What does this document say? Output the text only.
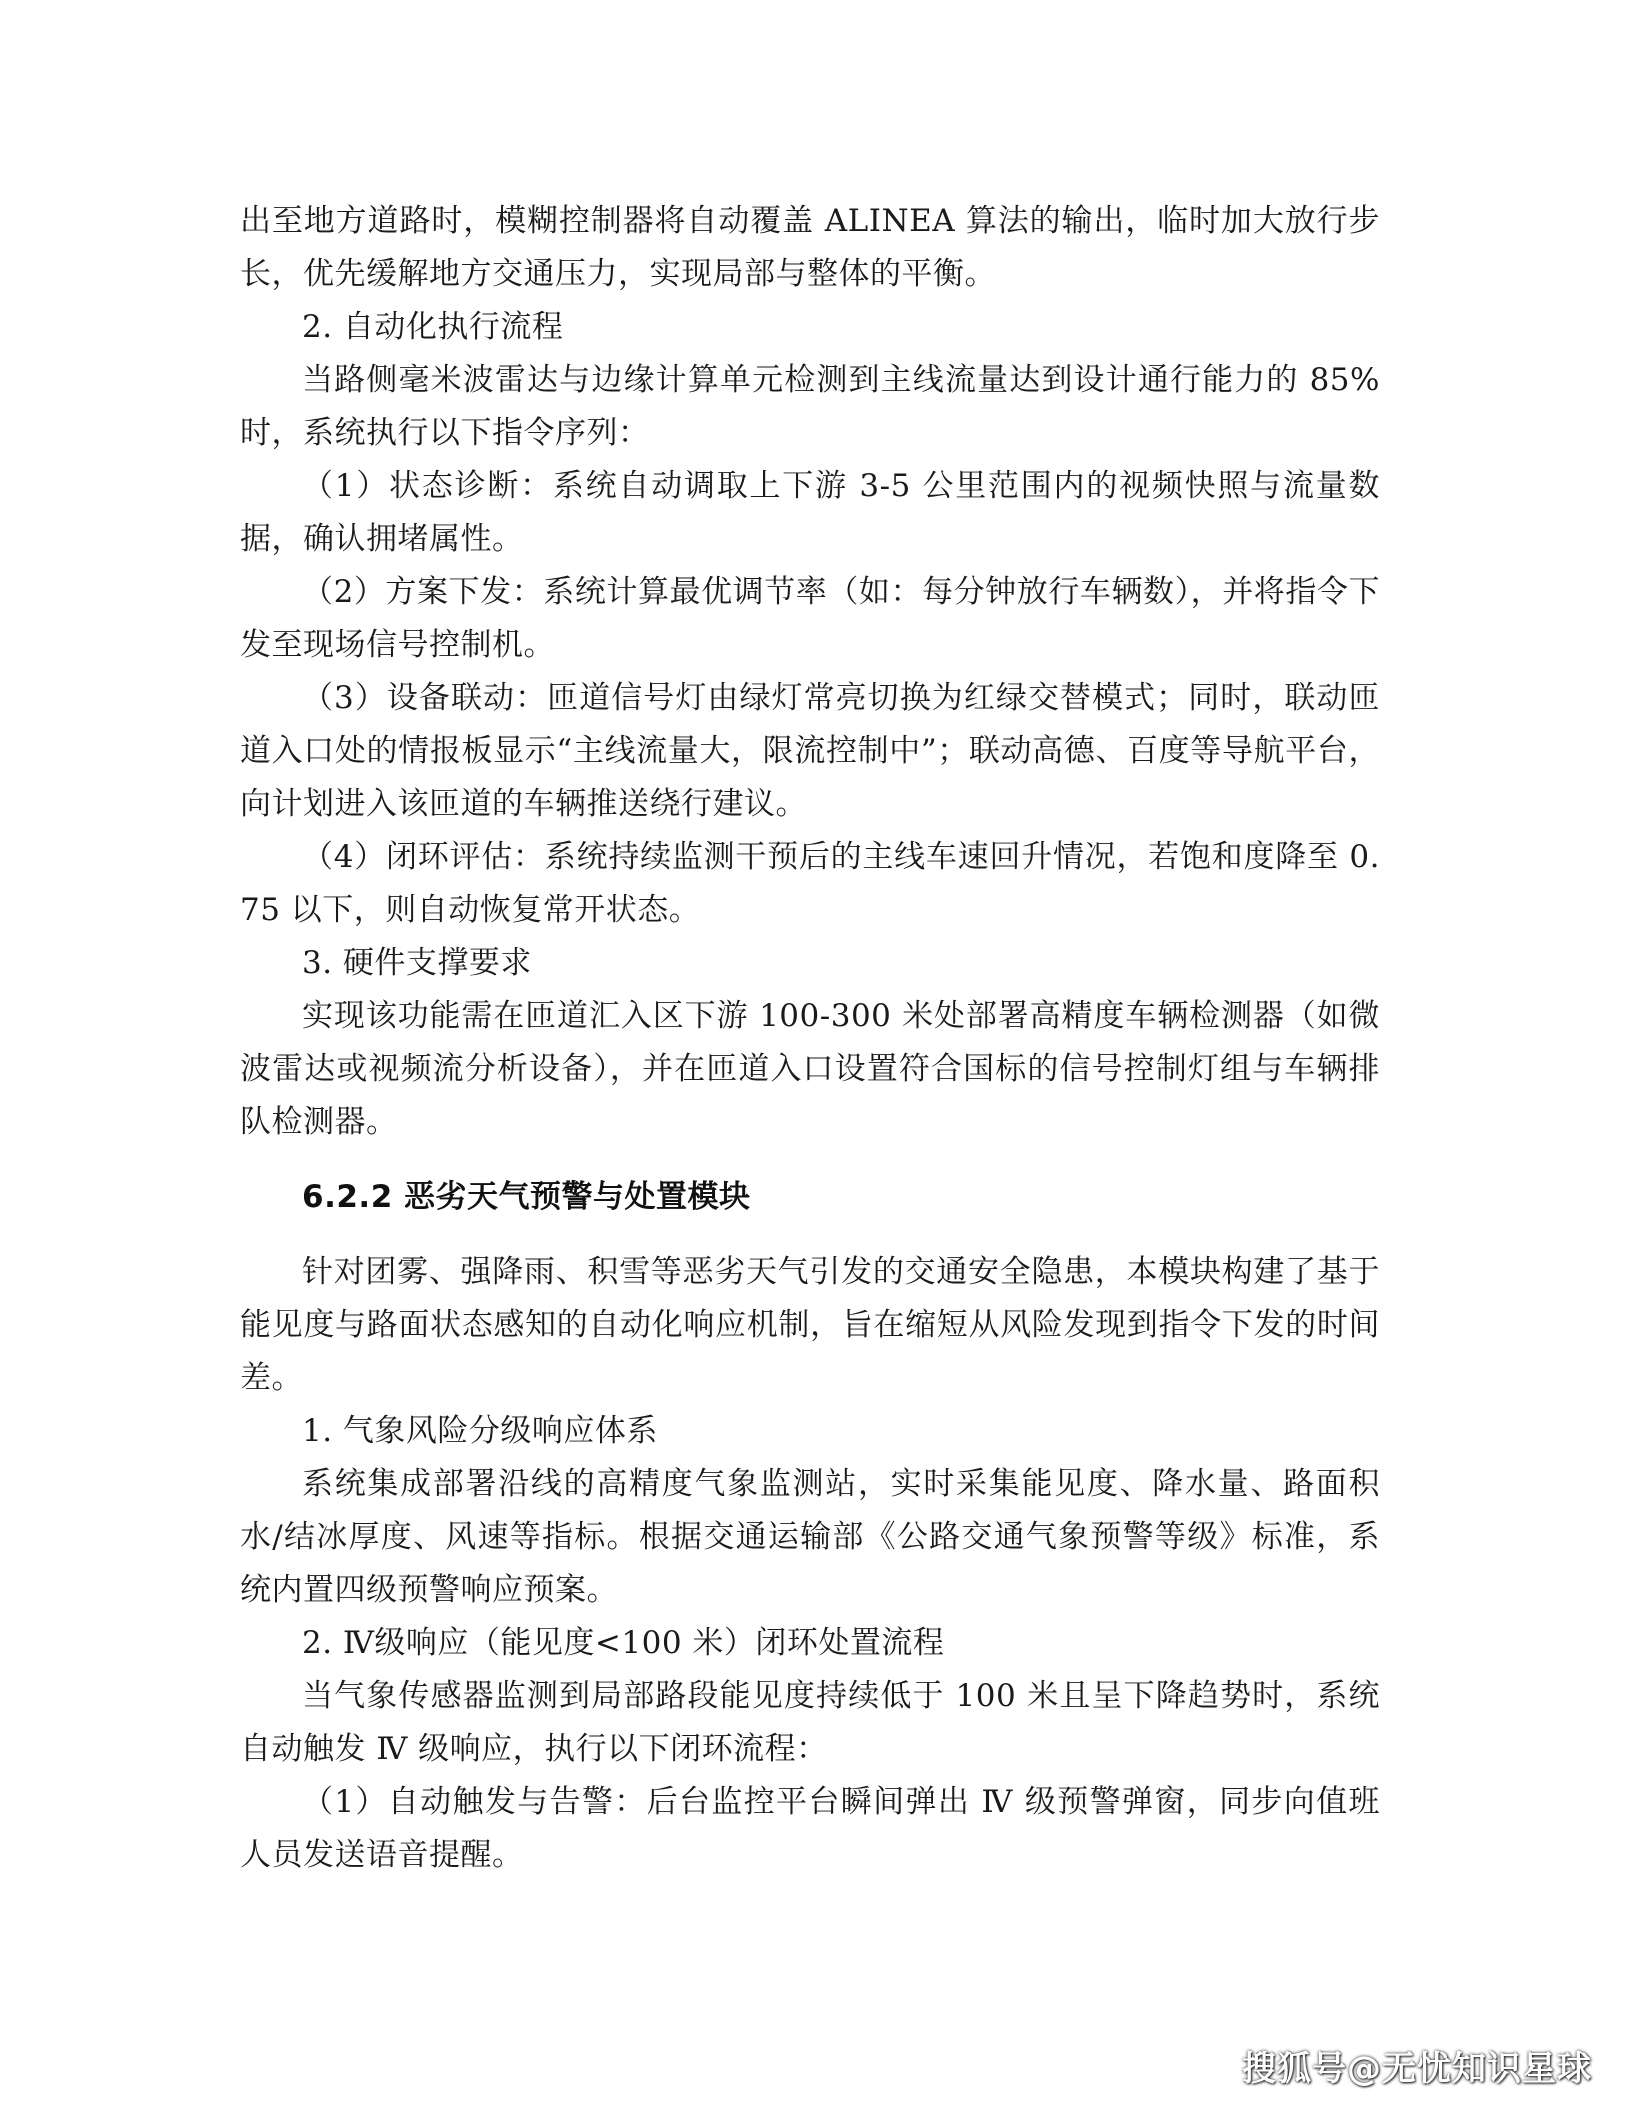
出至地方道路时，模糊控制器将自动覆盖 ALINEA 算法的输出，临时加大放行步长，优先缓解地方交通压力，实现局部与整体的平衡。

2. 自动化执行流程

当路侧毫米波雷达与边缘计算单元检测到主线流量达到设计通行能力的 85%时，系统执行以下指令序列：

（1）状态诊断：系统自动调取上下游 3-5 公里范围内的视频快照与流量数据，确认拥堵属性。

（2）方案下发：系统计算最优调节率（如：每分钟放行车辆数），并将指令下发至现场信号控制机。

（3）设备联动：匝道信号灯由绿灯常亮切换为红绿交替模式；同时，联动匝道入口处的情报板显示“主线流量大，限流控制中”；联动高德、百度等导航平台，向计划进入该匝道的车辆推送绕行建议。

（4）闭环评估：系统持续监测干预后的主线车速回升情况，若饱和度降至 0.75 以下，则自动恢复常开状态。

3. 硬件支撑要求

实现该功能需在匝道汇入区下游 100-300 米处部署高精度车辆检测器（如微波雷达或视频流分析设备），并在匝道入口设置符合国标的信号控制灯组与车辆排队检测器。

6.2.2 恶劣天气预警与处置模块

针对团雾、强降雨、积雪等恶劣天气引发的交通安全隐患，本模块构建了基于能见度与路面状态感知的自动化响应机制，旨在缩短从风险发现到指令下发的时间差。

1. 气象风险分级响应体系

系统集成部署沿线的高精度气象监测站，实时采集能见度、降水量、路面积水/结冰厚度、风速等指标。根据交通运输部《公路交通气象预警等级》标准，系统内置四级预警响应预案。

2. Ⅳ级响应（能见度<100 米）闭环处置流程

当气象传感器监测到局部路段能见度持续低于 100 米且呈下降趋势时，系统自动触发 Ⅳ 级响应，执行以下闭环流程：

（1）自动触发与告警：后台监控平台瞬间弹出 Ⅳ 级预警弹窗，同步向值班人员发送语音提醒。

搜狐号@无忧知识星球
